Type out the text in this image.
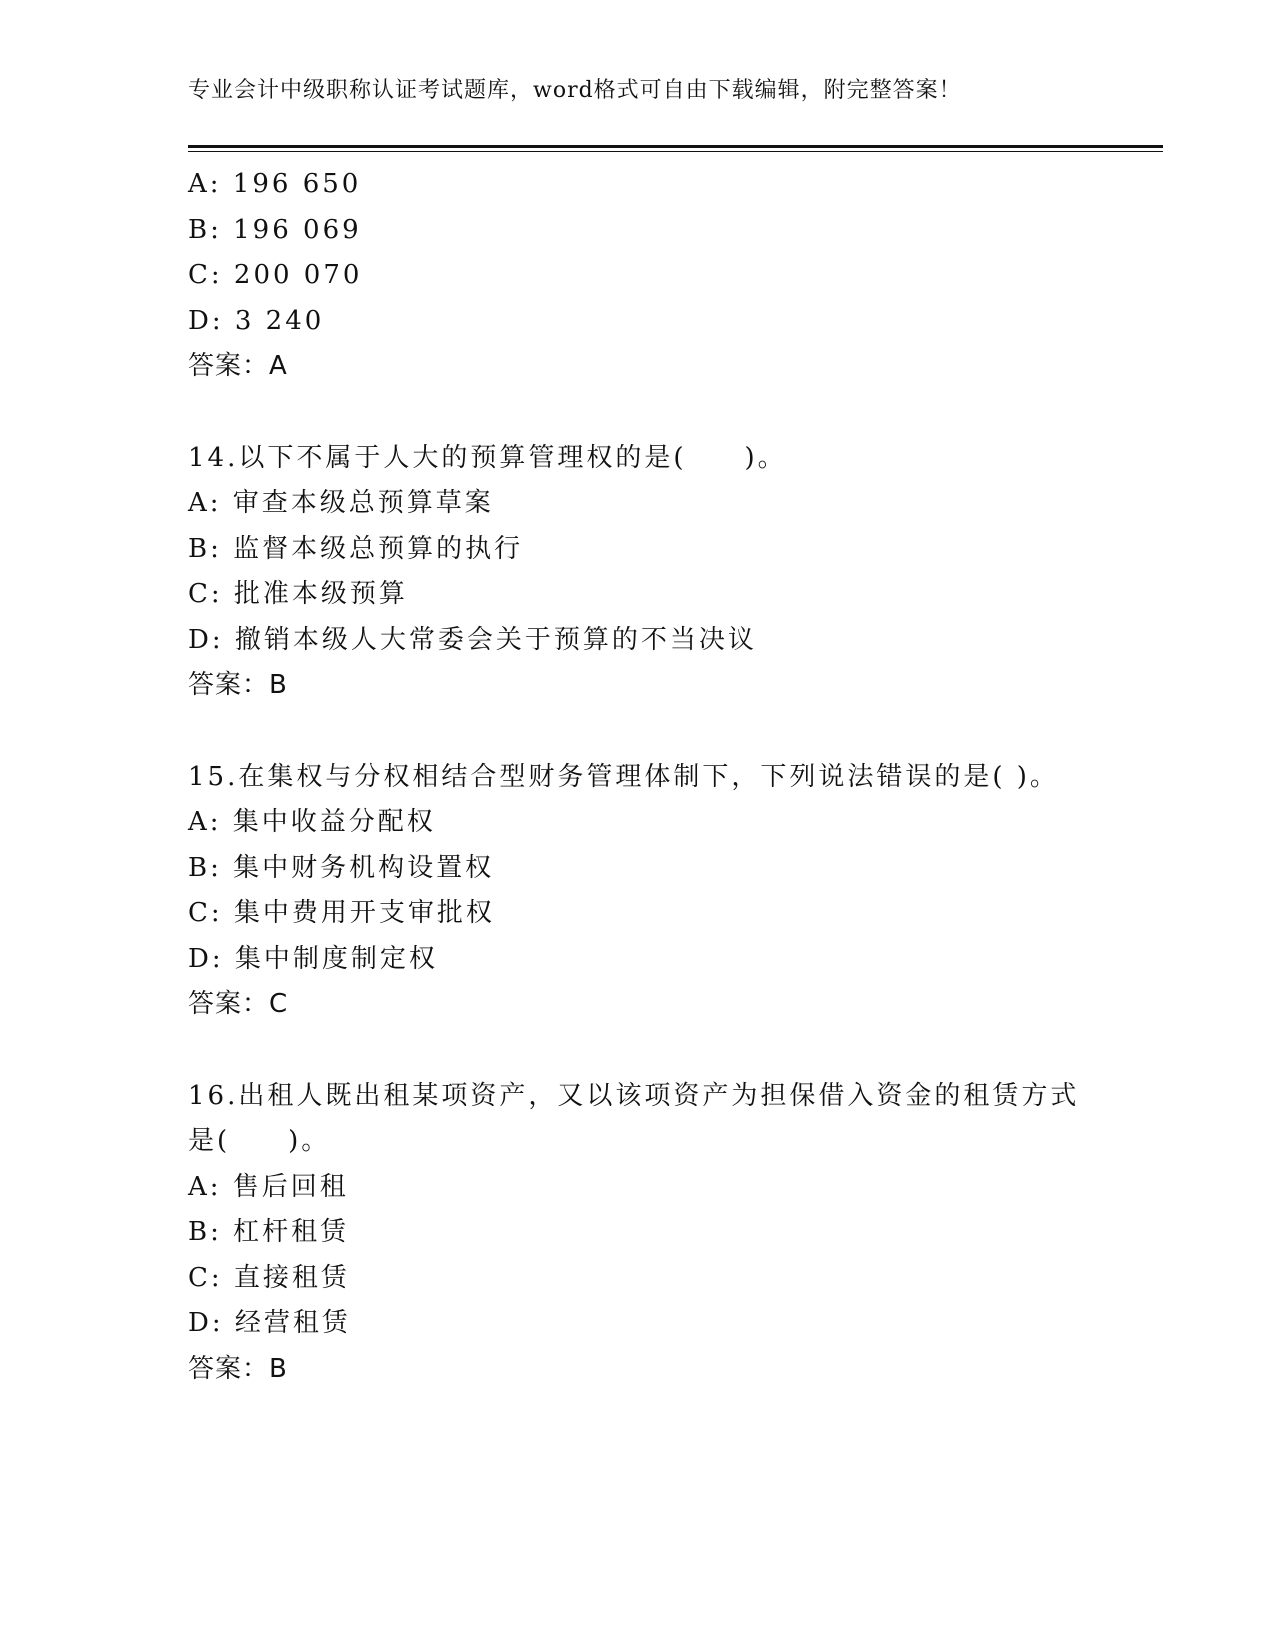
专业会计中级职称认证考试题库，word格式可自由下载编辑，附完整答案！
A: 196 650
B: 196 069
C: 200 070
D: 3 240
答案：A
14.以下不属于人大的预算管理权的是(　　)。
A: 审查本级总预算草案
B: 监督本级总预算的执行
C: 批准本级预算
D: 撤销本级人大常委会关于预算的不当决议
答案：B
15.在集权与分权相结合型财务管理体制下，下列说法错误的是( )。
A: 集中收益分配权
B: 集中财务机构设置权
C: 集中费用开支审批权
D: 集中制度制定权
答案：C
16.出租人既出租某项资产，又以该项资产为担保借入资金的租赁方式
是(　　)。
A: 售后回租
B: 杠杆租赁
C: 直接租赁
D: 经营租赁
答案：B
